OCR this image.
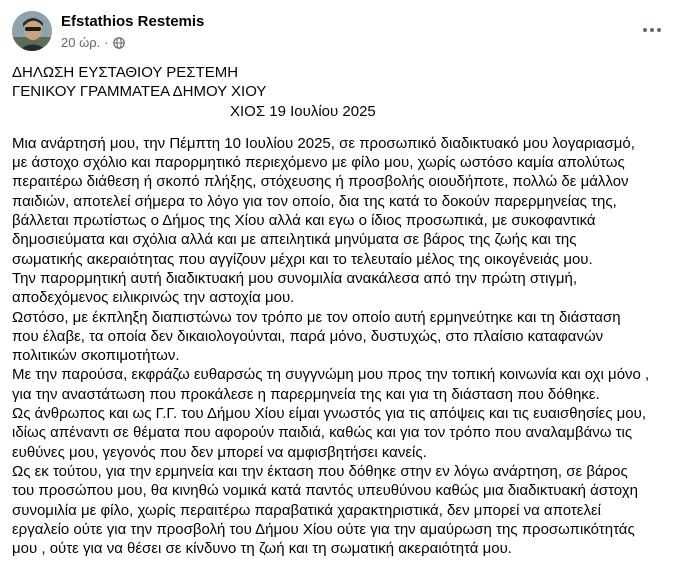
Efstathios Restemis
20 ώρ. ·

ΔΗΛΩΣΗ ΕΥΣΤΑΘΙΟΥ ΡΕΣΤΕΜΗ

ΓΕΝΙΚΟΥ ΓΡΑΜΜΑΤΕΑ ΔΗΜΟΥ ΧΙΟΥ

ΧΙΟΣ 19 Ιουλίου 2025

Μια ανάρτησή μου, την Πέμπτη 10 Ιουλίου 2025, σε προσωπικό διαδικτυακό μου λογαριασμό,

με άστοχο σχόλιο και παρορμητικό περιεχόμενο με φίλο μου, χωρίς ωστόσο καμία απολύτως

περαιτέρω διάθεση ή σκοπό πλήξης, στόχευσης ή προσβολής οιουδήποτε, πολλώ δε μάλλον

παιδιών, αποτελεί σήμερα το λόγο για τον οποίο, δια της κατά το δοκούν παρερμηνείας της,

βάλλεται πρωτίστως ο Δήμος της Χίου αλλά και εγω ο ίδιος προσωπικά, με συκοφαντικά

δημοσιεύματα και σχόλια αλλά και με απειλητικά μηνύματα σε βάρος της ζωής και της

σωματικής ακεραιότητας που αγγίζουν μέχρι και το τελευταίο μέλος της οικογένειάς μου.

Την παρορμητική αυτή διαδικτυακή μου συνομιλία ανακάλεσα από την πρώτη στιγμή,

αποδεχόμενος ειλικρινώς την αστοχία μου.

Ωστόσο, με έκπληξη διαπιστώνω τον τρόπο με τον οποίο αυτή ερμηνεύτηκε και τη διάσταση

που έλαβε, τα οποία δεν δικαιολογούνται, παρά μόνο, δυστυχώς, στο πλαίσιο καταφανών

πολιτικών σκοπιμοτήτων.

Με την παρούσα, εκφράζω ευθαρσώς τη συγγνώμη μου προς την τοπική κοινωνία και οχι μόνο ,

για την αναστάτωση που προκάλεσε η παρερμηνεία της και για τη διάσταση που δόθηκε.

Ως άνθρωπος και ως Γ.Γ. του Δήμου Χίου είμαι γνωστός για τις απόψεις και τις ευαισθησίες μου,

ιδίως απέναντι σε θέματα που αφορούν παιδιά, καθώς και για τον τρόπο που αναλαμβάνω τις

ευθύνες μου, γεγονός που δεν μπορεί να αμφισβητήσει κανείς.

Ως εκ τούτου, για την ερμηνεία και την έκταση που δόθηκε στην εν λόγω ανάρτηση, σε βάρος

του προσώπου μου, θα κινηθώ νομικά κατά παντός υπευθύνου καθώς μια διαδικτυακή άστοχη

συνομιλία με φίλο, χωρίς περαιτέρω παραβατικά χαρακτηριστικά, δεν μπορεί να αποτελεί

εργαλείο ούτε για την προσβολή του Δήμου Χίου ούτε για την αμαύρωση της προσωπικότητάς

μου , ούτε για να θέσει σε κίνδυνο τη ζωή και τη σωματική ακεραιότητά μου.
